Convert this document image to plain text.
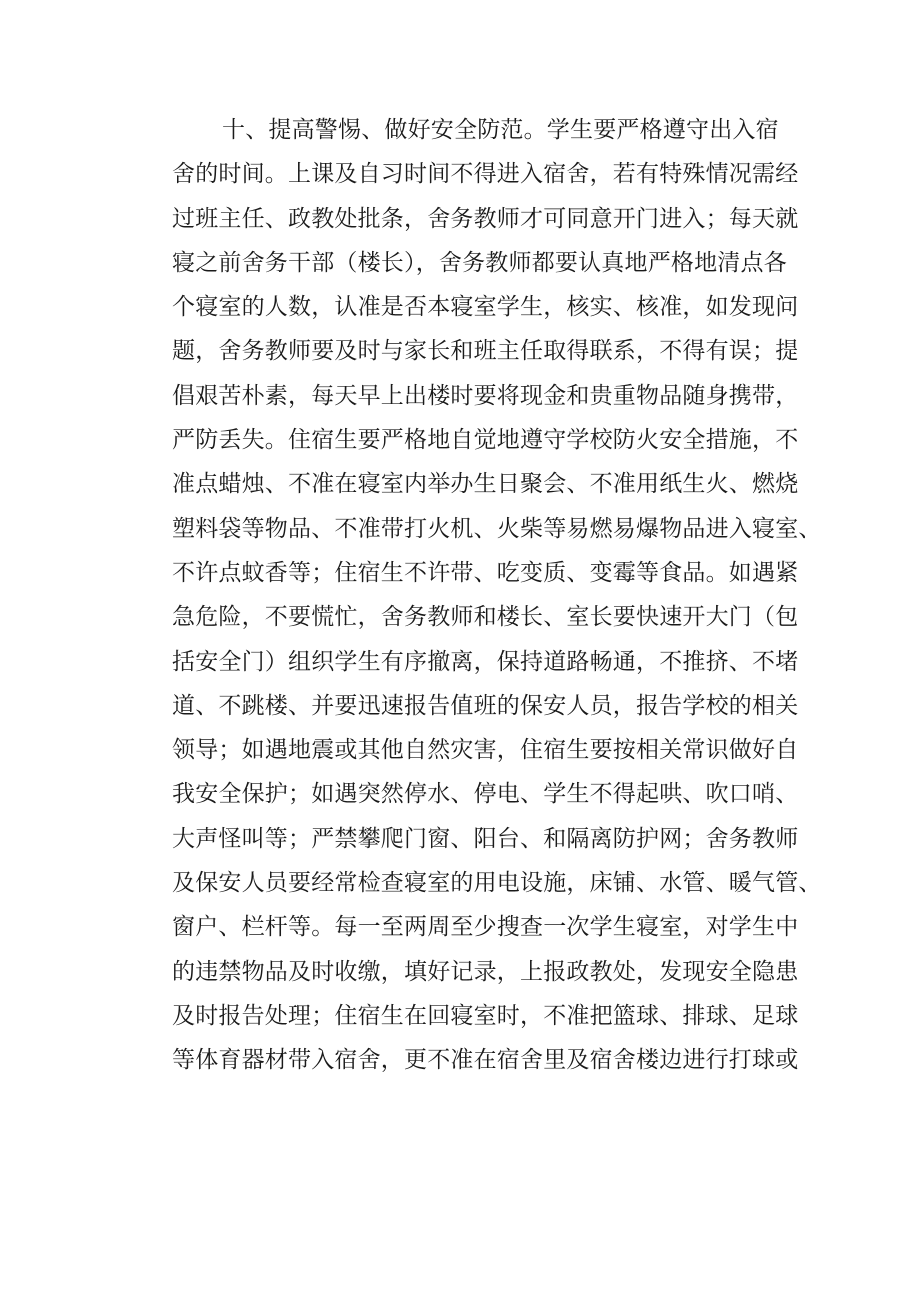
十、提高警惕、做好安全防范。学生要严格遵守出入宿
舍的时间。上课及自习时间不得进入宿舍，若有特殊情况需经
过班主任、政教处批条，舍务教师才可同意开门进入；每天就
寝之前舍务干部（楼长），舍务教师都要认真地严格地清点各
个寝室的人数，认准是否本寝室学生，核实、核准，如发现问
题，舍务教师要及时与家长和班主任取得联系，不得有误；提
倡艰苦朴素，每天早上出楼时要将现金和贵重物品随身携带，
严防丢失。住宿生要严格地自觉地遵守学校防火安全措施，不
准点蜡烛、不准在寝室内举办生日聚会、不准用纸生火、燃烧
塑料袋等物品、不准带打火机、火柴等易燃易爆物品进入寝室、
不许点蚊香等；住宿生不许带、吃变质、变霉等食品。如遇紧
急危险，不要慌忙，舍务教师和楼长、室长要快速开大门（包
括安全门）组织学生有序撤离，保持道路畅通，不推挤、不堵
道、不跳楼、并要迅速报告值班的保安人员，报告学校的相关
领导；如遇地震或其他自然灾害，住宿生要按相关常识做好自
我安全保护；如遇突然停水、停电、学生不得起哄、吹口哨、
大声怪叫等；严禁攀爬门窗、阳台、和隔离防护网；舍务教师
及保安人员要经常检查寝室的用电设施，床铺、水管、暖气管、
窗户、栏杆等。每一至两周至少搜查一次学生寝室，对学生中
的违禁物品及时收缴，填好记录，上报政教处，发现安全隐患
及时报告处理；住宿生在回寝室时，不准把篮球、排球、足球
等体育器材带入宿舍，更不准在宿舍里及宿舍楼边进行打球或
